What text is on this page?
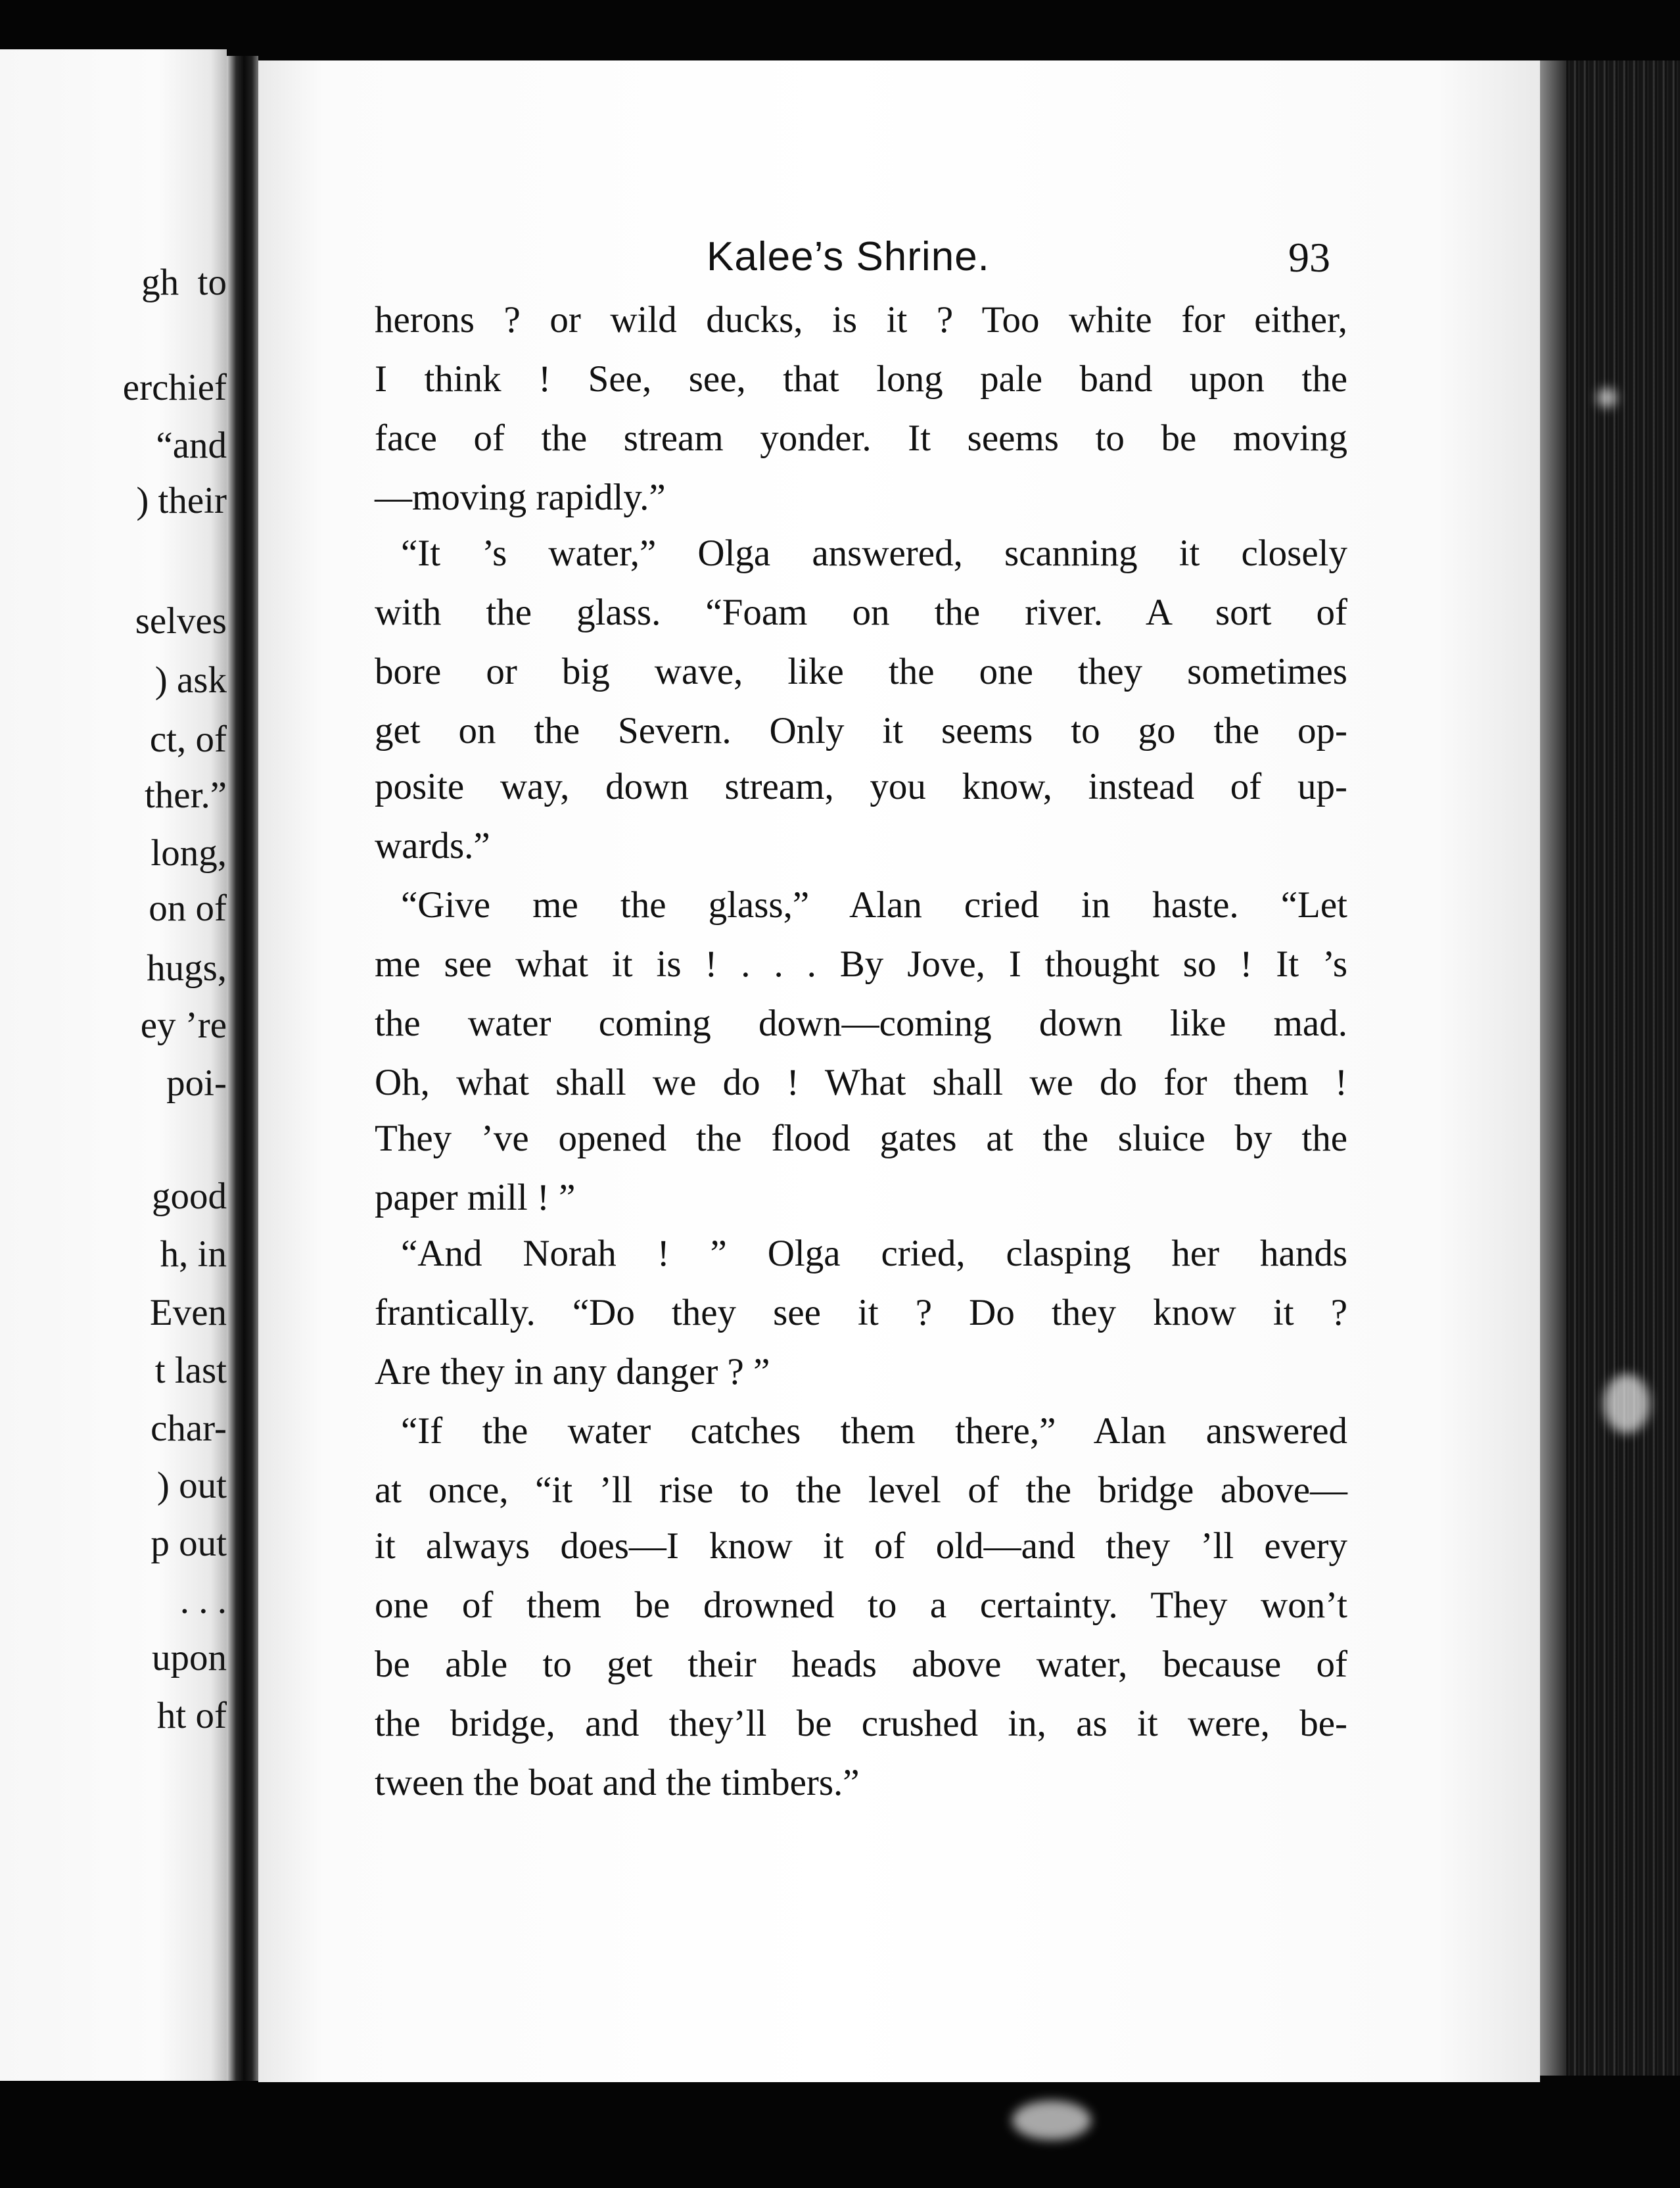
gh  to
erchief
“and
) their
selves
) ask
ct, of
ther.”
long,
on of
hugs,
ey ’re
poi-
good
h, in
Even
t last
char-
) out
p out
. . .
upon
ht of
Kalee’s Shrine.	93
herons ? or wild ducks, is it ? Too white for either,
I think ! See, see, that long pale band upon the
face of the stream yonder. It seems to be moving
—moving rapidly.”
“It ’s water,” Olga answered, scanning it closely
with the glass. “Foam on the river. A sort of
bore or big wave, like the one they sometimes
get on the Severn. Only it seems to go the op-
posite way, down stream, you know, instead of up-
wards.”
“Give me the glass,” Alan cried in haste. “Let
me see what it is ! . . . By Jove, I thought so ! It ’s
the water coming down—coming down like mad.
Oh, what shall we do ! What shall we do for them !
They ’ve opened the flood gates at the sluice by the
paper mill ! ”
“And Norah ! ” Olga cried, clasping her hands
frantically. “Do they see it ? Do they know it ?
Are they in any danger ? ”
“If the water catches them there,” Alan answered
at once, “it ’ll rise to the level of the bridge above—
it always does—I know it of old—and they ’ll every
one of them be drowned to a certainty. They won’t
be able to get their heads above water, because of
the bridge, and they’ll be crushed in, as it were, be-
tween the boat and the timbers.”
